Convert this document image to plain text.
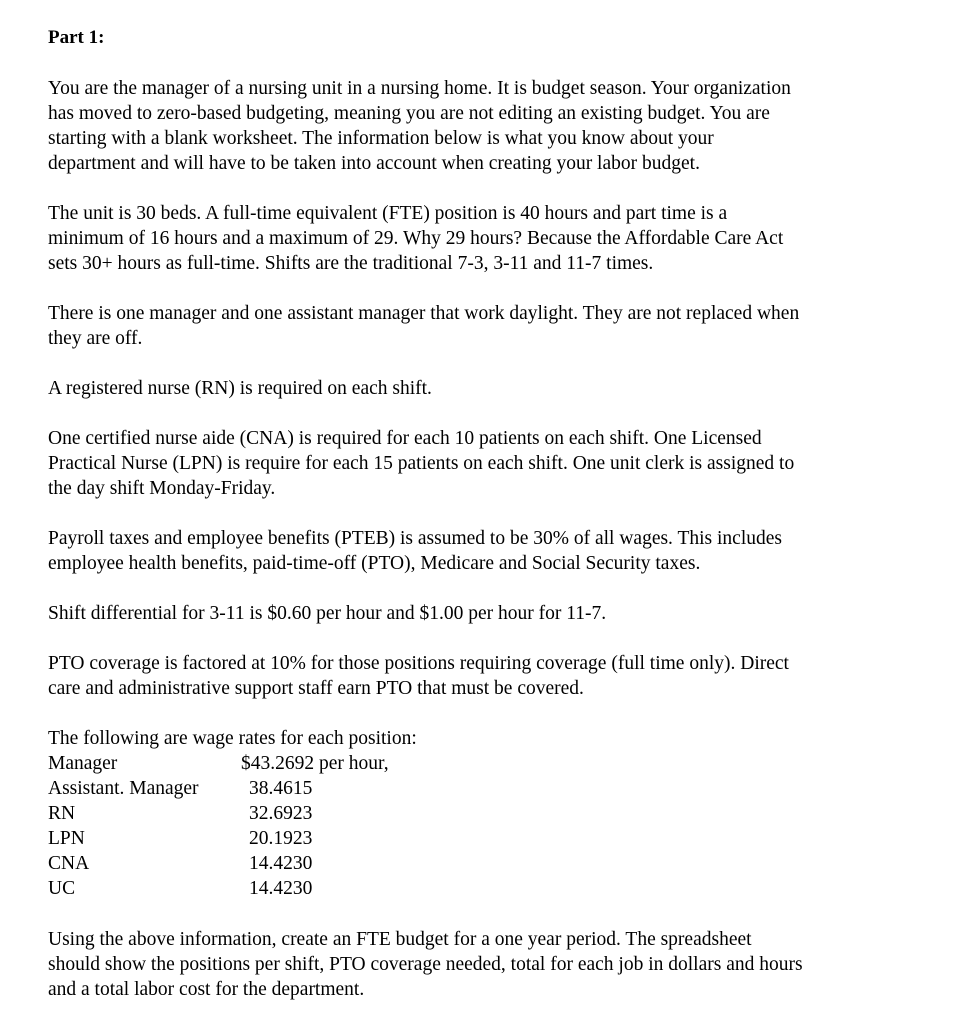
Part 1:

You are the manager of a nursing unit in a nursing home. It is budget season. Your organization
has moved to zero-based budgeting, meaning you are not editing an existing budget. You are
starting with a blank worksheet. The information below is what you know about your
department and will have to be taken into account when creating your labor budget.

The unit is 30 beds. A full-time equivalent (FTE) position is 40 hours and part time is a
minimum of 16 hours and a maximum of 29. Why 29 hours? Because the Affordable Care Act
sets 30+ hours as full-time. Shifts are the traditional 7-3, 3-11 and 11-7 times.

There is one manager and one assistant manager that work daylight. They are not replaced when
they are off.

A registered nurse (RN) is required on each shift.

One certified nurse aide (CNA) is required for each 10 patients on each shift. One Licensed
Practical Nurse (LPN) is require for each 15 patients on each shift. One unit clerk is assigned to
the day shift Monday-Friday.

Payroll taxes and employee benefits (PTEB) is assumed to be 30% of all wages. This includes
employee health benefits, paid-time-off (PTO), Medicare and Social Security taxes.

Shift differential for 3-11 is $0.60 per hour and $1.00 per hour for 11-7.

PTO coverage is factored at 10% for those positions requiring coverage (full time only). Direct
care and administrative support staff earn PTO that must be covered.

The following are wage rates for each position:

Manager	$43.2692 per hour,
Assistant. Manager	38.4615
RN	32.6923
LPN	20.1923
CNA	14.4230
UC	14.4230

Using the above information, create an FTE budget for a one year period. The spreadsheet
should show the positions per shift, PTO coverage needed, total for each job in dollars and hours
and a total labor cost for the department.
